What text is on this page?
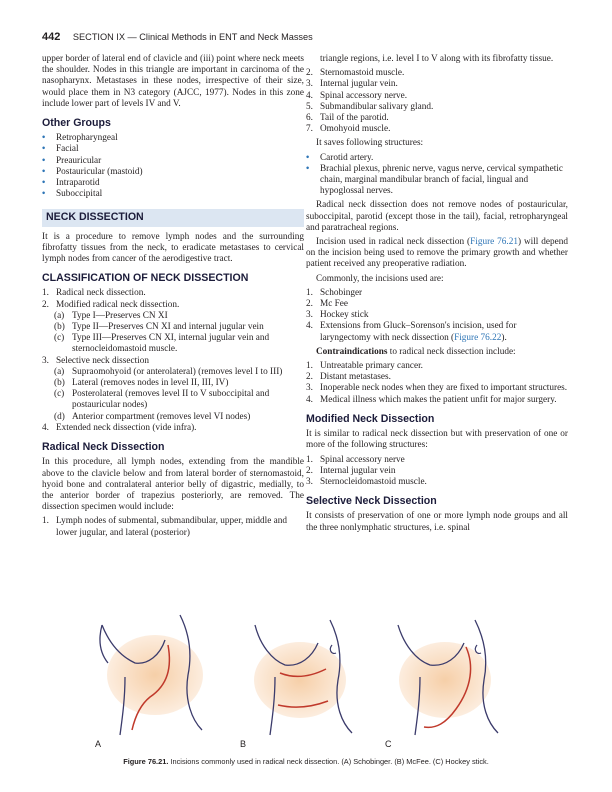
442 SECTION IX — Clinical Methods in ENT and Neck Masses

upper border of lateral end of clavicle and (iii) point where neck meets the shoulder. Nodes in this triangle are important in carcinoma of the nasopharynx. Metastases in these nodes, irrespective of their size, would place them in N3 category (AJCC, 1977). Nodes in this zone include lower part of levels IV and V.

Other Groups
• Retropharyngeal
• Facial
• Preauricular
• Postauricular (mastoid)
• Intraparotid
• Suboccipital
NECK DISSECTION

It is a procedure to remove lymph nodes and the surrounding fibrofatty tissues from the neck, to eradicate metastases to cervical lymph nodes from cancer of the aerodigestive tract.

CLASSIFICATION OF NECK DISSECTION
1. Radical neck dissection.
2. Modified radical neck dissection.
(a) Type I—Preserves CN XI
(b) Type II—Preserves CN XI and internal jugular vein
(c) Type III—Preserves CN XI, internal jugular vein and sternocleidomastoid muscle.
3. Selective neck dissection
(a) Supraomohyoid (or anterolateral) (removes level I to III)
(b) Lateral (removes nodes in level II, III, IV)
(c) Posterolateral (removes level II to V suboccipital and postauricular nodes)
(d) Anterior compartment (removes level VI nodes)
4. Extended neck dissection (vide infra).
Radical Neck Dissection

In this procedure, all lymph nodes, extending from the mandible above to the clavicle below and from lateral border of sternomastoid, hyoid bone and contralateral anterior belly of digastric, medially, to the anterior border of trapezius posteriorly, are removed. The dissection specimen would include:

1. Lymph nodes of submental, submandibular, upper, middle and lower jugular, and lateral (posterior)

triangle regions, i.e. level I to V along with its fibrofatty tissue.

2. Sternomastoid muscle.
3. Internal jugular vein.
4. Spinal accessory nerve.
5. Submandibular salivary gland.
6. Tail of the parotid.
7. Omohyoid muscle.

It saves following structures:

• Carotid artery.
• Brachial plexus, phrenic nerve, vagus nerve, cervical sympathetic chain, marginal mandibular branch of facial, lingual and hypoglossal nerves.

Radical neck dissection does not remove nodes of postauricular, suboccipital, parotid (except those in the tail), facial, retropharyngeal and paratracheal regions.

Incision used in radical neck dissection (Figure 76.21) will depend on the incision being used to remove the primary growth and whether patient received any preoperative radiation.

Commonly, the incisions used are:

1. Schobinger
2. Mc Fee
3. Hockey stick
4. Extensions from Gluck–Sorenson's incision, used for laryngectomy with neck dissection (Figure 76.22).

Contraindications to radical neck dissection include:

1. Untreatable primary cancer.
2. Distant metastases.
3. Inoperable neck nodes when they are fixed to important structures.
4. Medical illness which makes the patient unfit for major surgery.
Modified Neck Dissection

It is similar to radical neck dissection but with preservation of one or more of the following structures:

1. Spinal accessory nerve
2. Internal jugular vein
3. Sternocleidomastoid muscle.
Selective Neck Dissection

It consists of preservation of one or more lymph node groups and all the three nonlymphatic structures, i.e. spinal

A	B	C
Figure 76.21. Incisions commonly used in radical neck dissection. (A) Schobinger. (B) McFee. (C) Hockey stick.
